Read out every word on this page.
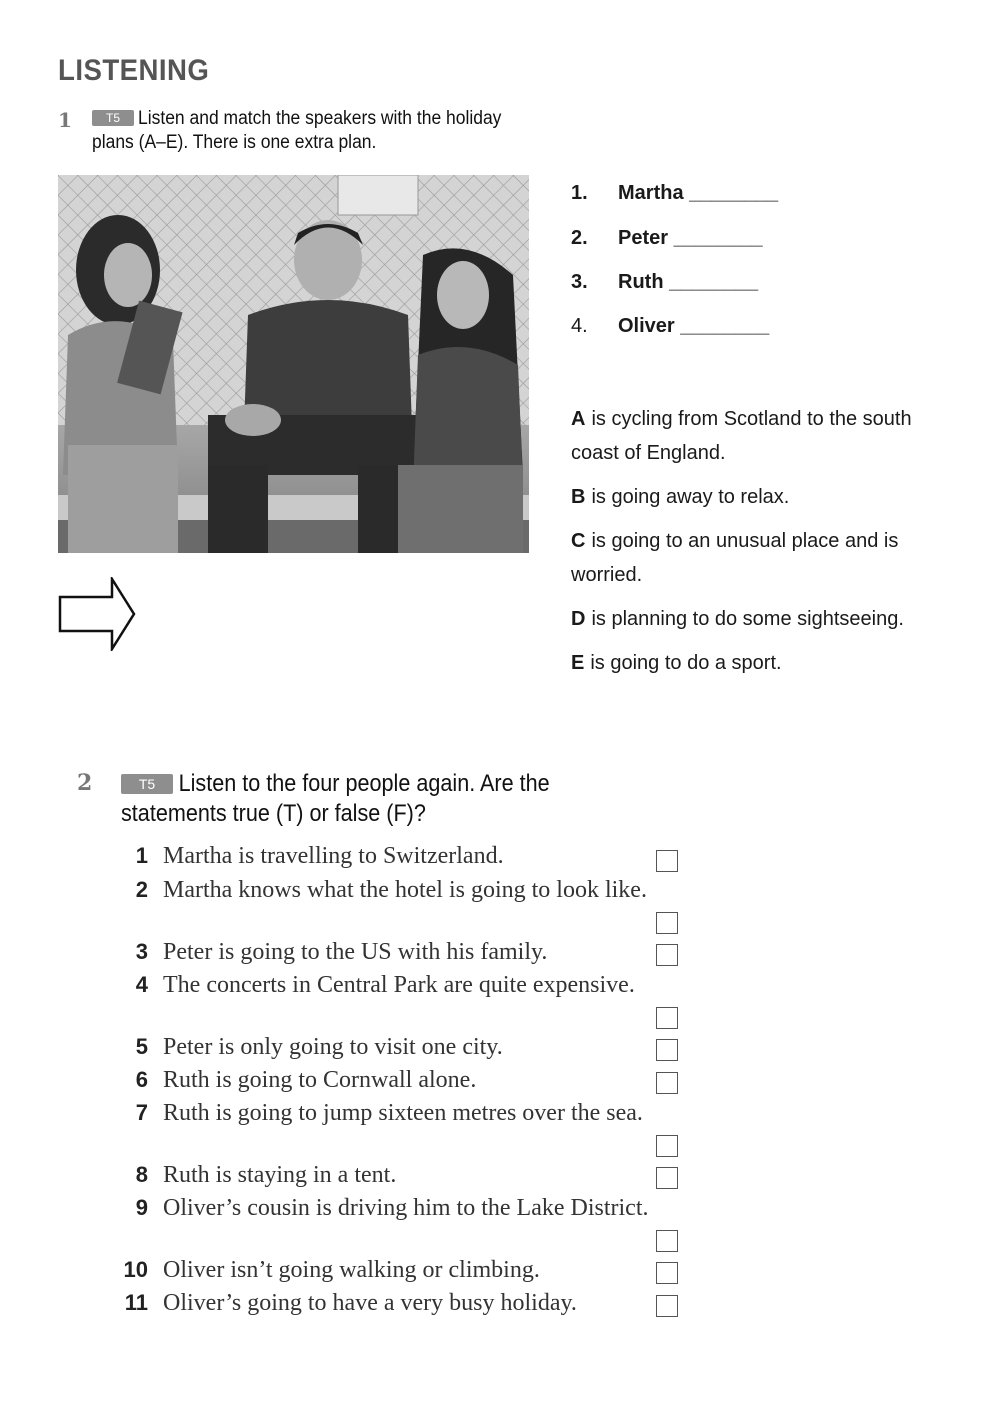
LISTENING
1	T5 Listen and match the speakers with the holiday plans (A–E). There is one extra plan.
1. Martha ________
2. Peter ________
3. Ruth ________
4. Oliver ________
A is cycling from Scotland to the south coast of England.
B is going away to relax.
C is going to an unusual place and is worried.
D is planning to do some sightseeing.
E is going to do a sport.
2	T5 Listen to the four people again. Are the statements true (T) or false (F)?
1 Martha is travelling to Switzerland.
2 Martha knows what the hotel is going to look like.
3 Peter is going to the US with his family.
4 The concerts in Central Park are quite expensive.
5 Peter is only going to visit one city.
6 Ruth is going to Cornwall alone.
7 Ruth is going to jump sixteen metres over the sea.
8 Ruth is staying in a tent.
9 Oliver’s cousin is driving him to the Lake District.
10 Oliver isn’t going walking or climbing.
11 Oliver’s going to have a very busy holiday.
